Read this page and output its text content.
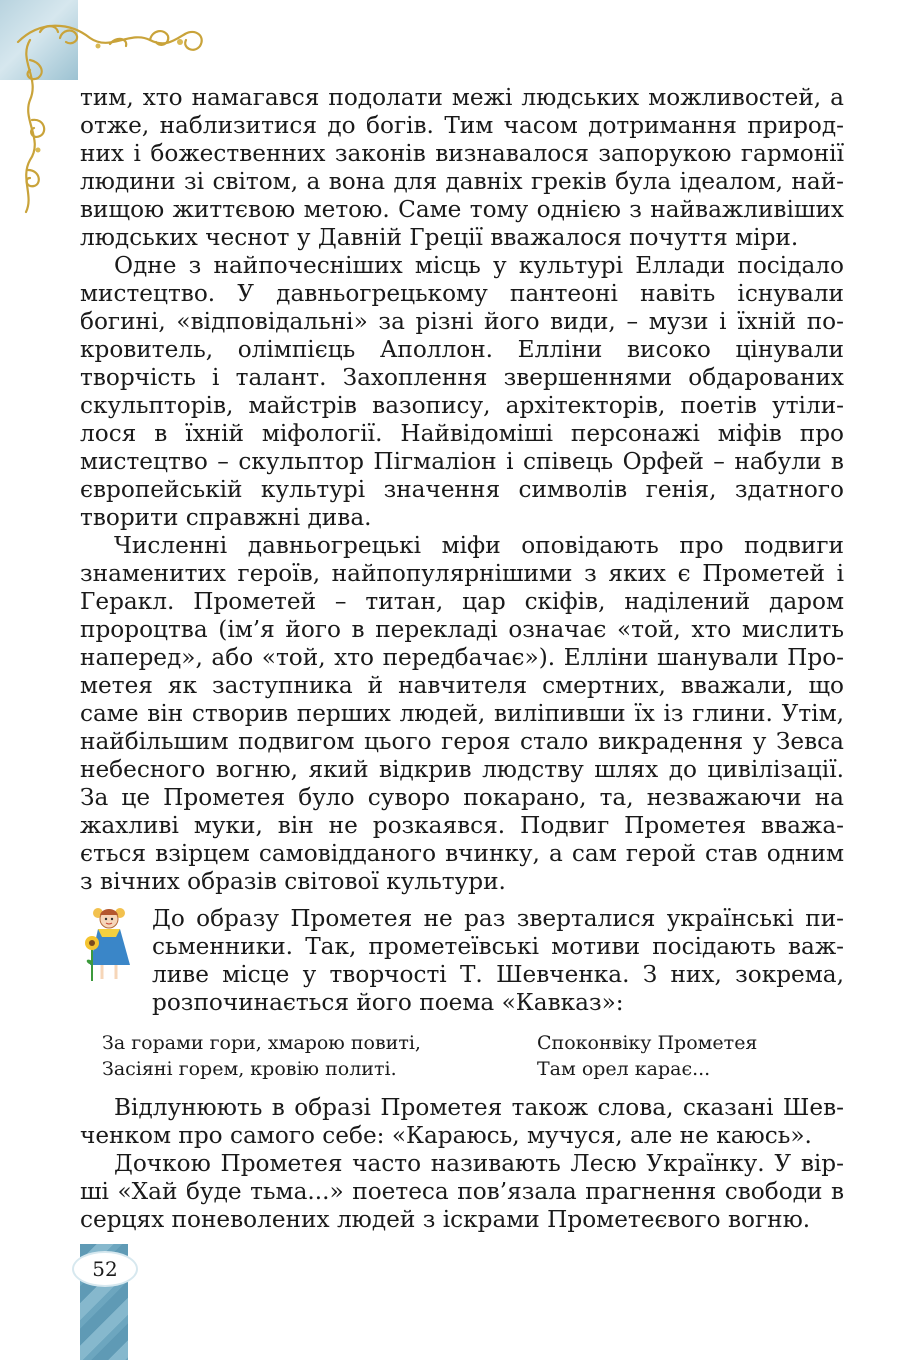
тим, хто намагався подолати межі людських можливостей, а отже, наблизитися до богів. Тим часом дотримання природних і божественних законів визнавалося запорукою гармонії людини зі світом, а вона для давніх греків була ідеалом, найвищою життєвою метою. Саме тому однією з найважливіших людських чеснот у Давній Греції вважалося почуття міри.

Одне з найпочесніших місць у культурі Еллади посідало мистецтво. У давньогрецькому пантеоні навіть існували богині, «відповідальні» за різні його види, – музи і їхній покровитель, олімпієць Аполлон. Елліни високо цінували творчість і талант. Захоплення звершеннями обдарованих скульпторів, майстрів вазопису, архітекторів, поетів утілилося в їхній міфології. Найвідоміші персонажі міфів про мистецтво – скульптор Пігмаліон і співець Орфей – набули в європейській культурі значення символів генія, здатного творити справжні дива.

Численні давньогрецькі міфи оповідають про подвиги знаменитих героїв, найпопулярнішими з яких є Прометей і Геракл. Прометей – титан, цар скіфів, наділений даром пророцтва (ім’я його в перекладі означає «той, хто мислить наперед», або «той, хто передбачає»). Елліни шанували Прометея як заступника й навчителя смертних, вважали, що саме він створив перших людей, виліпивши їх із глини. Утім, найбільшим подвигом цього героя стало викрадення у Зевса небесного вогню, який відкрив людству шлях до цивілізації. За це Прометея було суворо покарано, та, незважаючи на жахливі муки, він не розкаявся. Подвиг Прометея вважається взірцем самовідданого вчинку, а сам герой став одним з вічних образів світової культури.

До образу Прометея не раз зверталися українські письменники. Так, прометеївські мотиви посідають важливе місце у творчості Т. Шевченка. З них, зокрема, розпочинається його поема «Кавказ»:
За горами гори, хмарою повиті,
Засіяні горем, кровію политі.
Споконвіку Прометея
Там орел карає...

Відлунюють в образі Прометея також слова, сказані Шевченком про самого себе: «Караюсь, мучуся, але не каюсь».

Дочкою Прометея часто називають Лесю Українку. У вірші «Хай буде тьма...» поетеса пов’язала прагнення свободи в серцях поневолених людей з іскрами Прометеєвого вогню.

52
